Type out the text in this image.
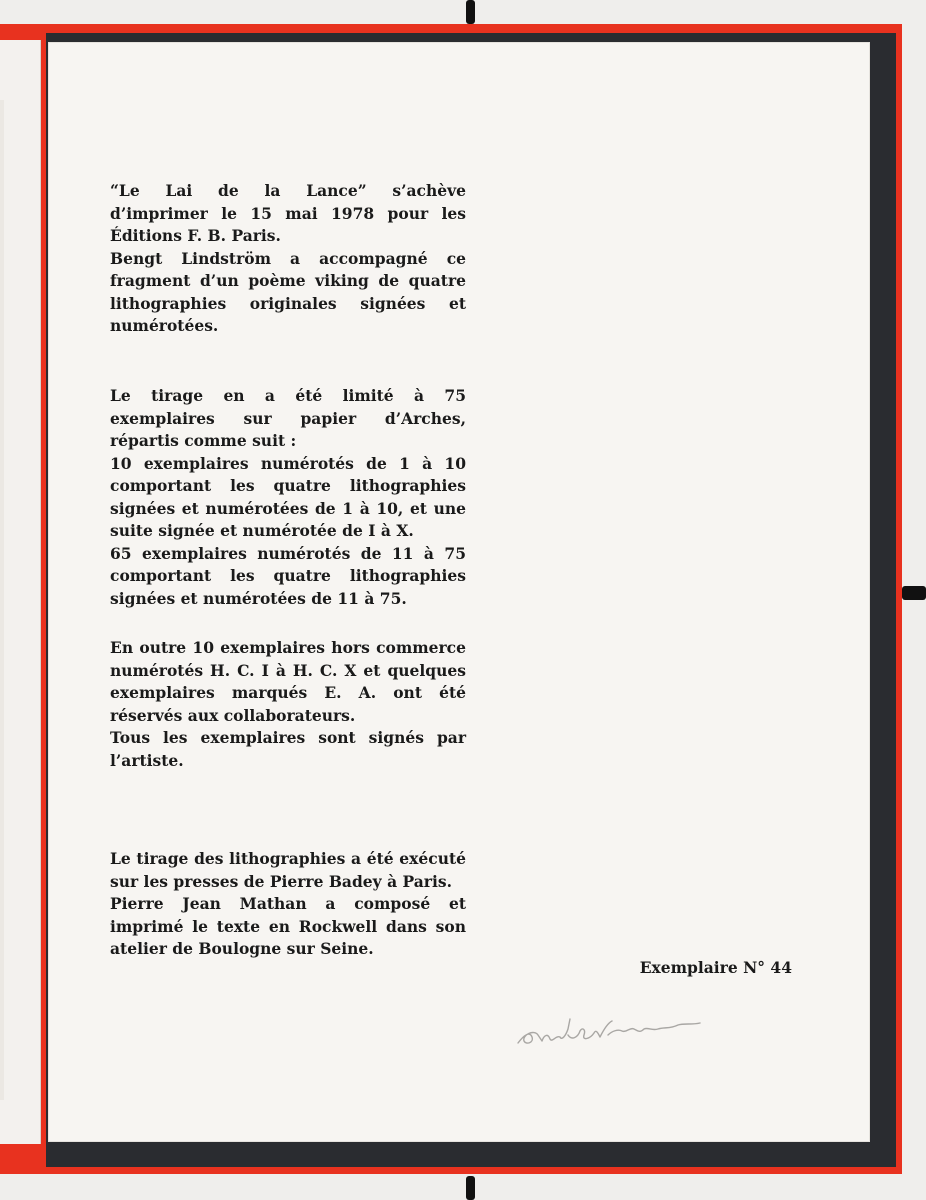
“Le Lai de la Lance” s’achève d’imprimer le 15 mai 1978 pour les Éditions F. B. Paris.

Bengt Lindström a accompagné ce fragment d’un poème viking de quatre lithographies originales signées et numérotées.

Le tirage en a été limité à 75 exemplaires sur papier d’Arches, répartis comme suit :

10 exemplaires numérotés de 1 à 10 comportant les quatre lithographies signées et numérotées de 1 à 10, et une suite signée et numérotée de I à X.

65 exemplaires numérotés de 11 à 75 comportant les quatre lithographies signées et numérotées de 11 à 75.

En outre 10 exemplaires hors commerce numérotés H. C. I à H. C. X et quelques exemplaires marqués E. A. ont été réservés aux collaborateurs.

Tous les exemplaires sont signés par l’artiste.

Le tirage des lithographies a été exécuté sur les presses de Pierre Badey à Paris.

Pierre Jean Mathan a composé et imprimé le texte en Rockwell dans son atelier de Boulogne sur Seine.

Exemplaire N° 44
